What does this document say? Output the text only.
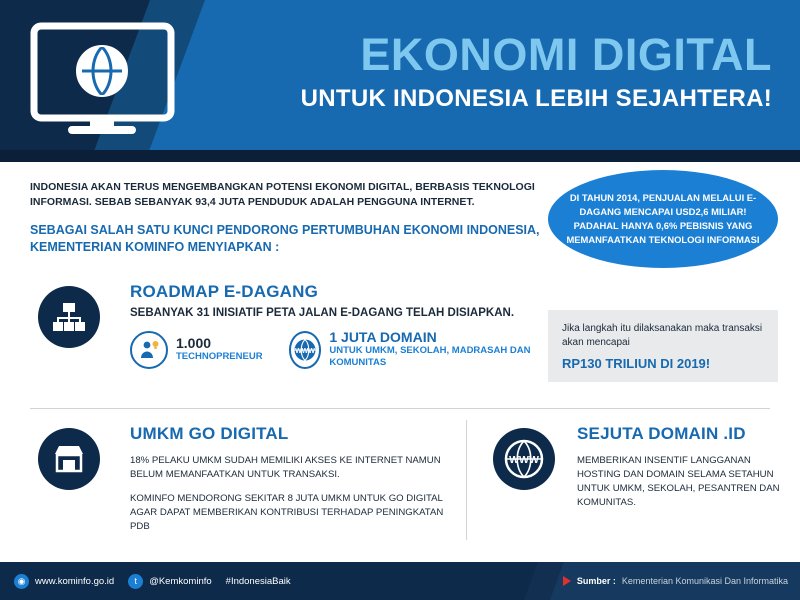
EKONOMI DIGITAL
UNTUK INDONESIA LEBIH SEJAHTERA!

INDONESIA AKAN TERUS MENGEMBANGKAN POTENSI EKONOMI DIGITAL, BERBASIS TEKNOLOGI INFORMASI. SEBAB SEBANYAK 93,4 JUTA PENDUDUK ADALAH PENGGUNA INTERNET.

SEBAGAI SALAH SATU KUNCI PENDORONG PERTUMBUHAN EKONOMI INDONESIA, KEMENTERIAN KOMINFO MENYIAPKAN :

DI TAHUN 2014, PENJUALAN MELALUI E-DAGANG MENCAPAI USD2,6 MILIAR! PADAHAL HANYA 0,6% PEBISNIS YANG MEMANFAATKAN TEKNOLOGI INFORMASI
ROADMAP E-DAGANG
SEBANYAK 31 INISIATIF PETA JALAN E-DAGANG TELAH DISIAPKAN.
1.000
TECHNOPRENEUR	WWW
1 JUTA DOMAIN
UNTUK UMKM, SEKOLAH, MADRASAH DAN KOMUNITAS
Jika langkah itu dilaksanakan maka transaksi akan mencapai
RP130 TRILIUN DI 2019!
UMKM GO DIGITAL
18% PELAKU UMKM SUDAH MEMILIKI AKSES KE INTERNET NAMUN BELUM MEMANFAATKAN UNTUK TRANSAKSI.
KOMINFO MENDORONG SEKITAR 8 JUTA UMKM UNTUK GO DIGITAL AGAR DAPAT MEMBERIKAN KONTRIBUSI TERHADAP PENINGKATAN PDB
WWW
SEJUTA DOMAIN .ID
MEMBERIKAN INSENTIF LANGGANAN HOSTING DAN DOMAIN SELAMA SETAHUN UNTUK UMKM, SEKOLAH, PESANTREN DAN KOMUNITAS.
◉	www.kominfo.go.id	t	@Kemkominfo #IndonesiaBaik	Sumber : Kementerian Komunikasi Dan Informatika
